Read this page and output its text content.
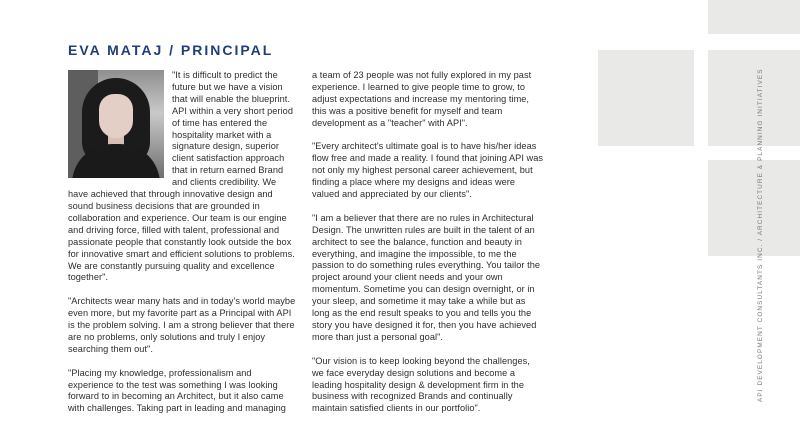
EVA MATAJ / PRINCIPAL

"It is difficult to predict the future but we have a vision that will enable the blueprint. API within a very short period of time has entered the hospitality market with a signature design, superior client satisfaction approach that in return earned Brand and clients credibility. We have achieved that through innovative design and sound business decisions that are grounded in collaboration and experience. Our team is our engine and driving force, filled with talent, professional and passionate people that constantly look outside the box for innovative smart and efficient solutions to problems. We are constantly pursuing quality and excellence together".

"Architects wear many hats and in today's world maybe even more, but my favorite part as a Principal with API is the problem solving. I am a strong believer that there are no problems, only solutions and truly I enjoy searching them out".

"Placing my knowledge, professionalism and experience to the test was something I was looking forward to in becoming an Architect, but it also came with challenges. Taking part in leading and managing

a team of 23 people was not fully explored in my past experience. I learned to give people time to grow, to adjust expectations and increase my mentoring time, this was a positive benefit for myself and team development as a "teacher" with API".

"Every architect's ultimate goal is to have his/her ideas flow free and made a reality. I found that joining API was not only my highest personal career achievement, but finding a place where my designs and ideas were valued and appreciated by our clients".

"I am a believer that there are no rules in Architectural Design. The unwritten rules are built in the talent of an architect to see the balance, function and beauty in everything, and imagine the impossible, to me the passion to do something rules everything. You tailor the project around your client needs and your own momentum. Sometime you can design overnight, or in your sleep, and sometime it may take a while but as long as the end result speaks to you and tells you the story you have designed it for, then you have achieved more than just a personal goal".

"Our vision is to keep looking beyond the challenges, we face everyday design solutions and become a leading hospitality design & development firm in the business with recognized Brands and continually maintain satisfied clients in our portfolio".

API DEVELOPMENT CONSULTANTS INC. / ARCHITECTURE & PLANNING INITIATIVES
